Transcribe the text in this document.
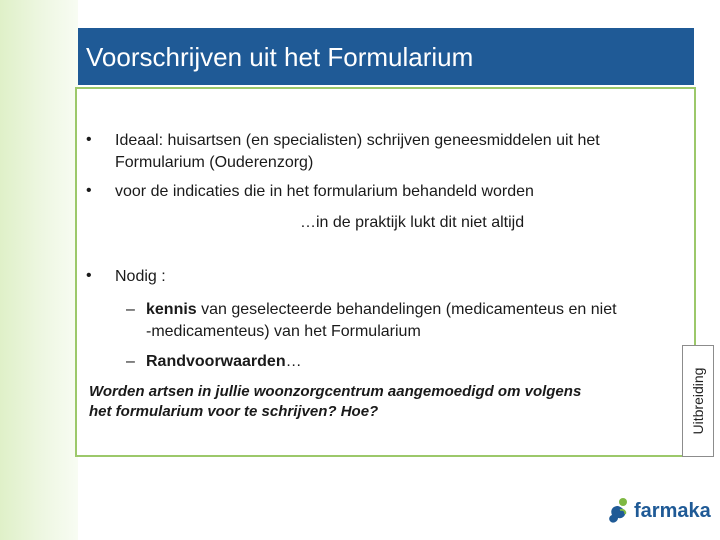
Voorschrijven uit het Formularium
• Ideaal: huisartsen (en specialisten) schrijven geneesmiddelen uit het
Formularium (Ouderenzorg)
• voor de indicaties die in het formularium behandeld worden
…in de praktijk lukt dit niet altijd
• Nodig :
– kennis van geselecteerde behandelingen (medicamenteus en niet
-medicamenteus) van het Formularium
– Randvoorwaarden…
Worden artsen in jullie woonzorgcentrum aangemoedigd om volgens
het formularium voor te schrijven? Hoe?	Uitbreiding
farmaka
